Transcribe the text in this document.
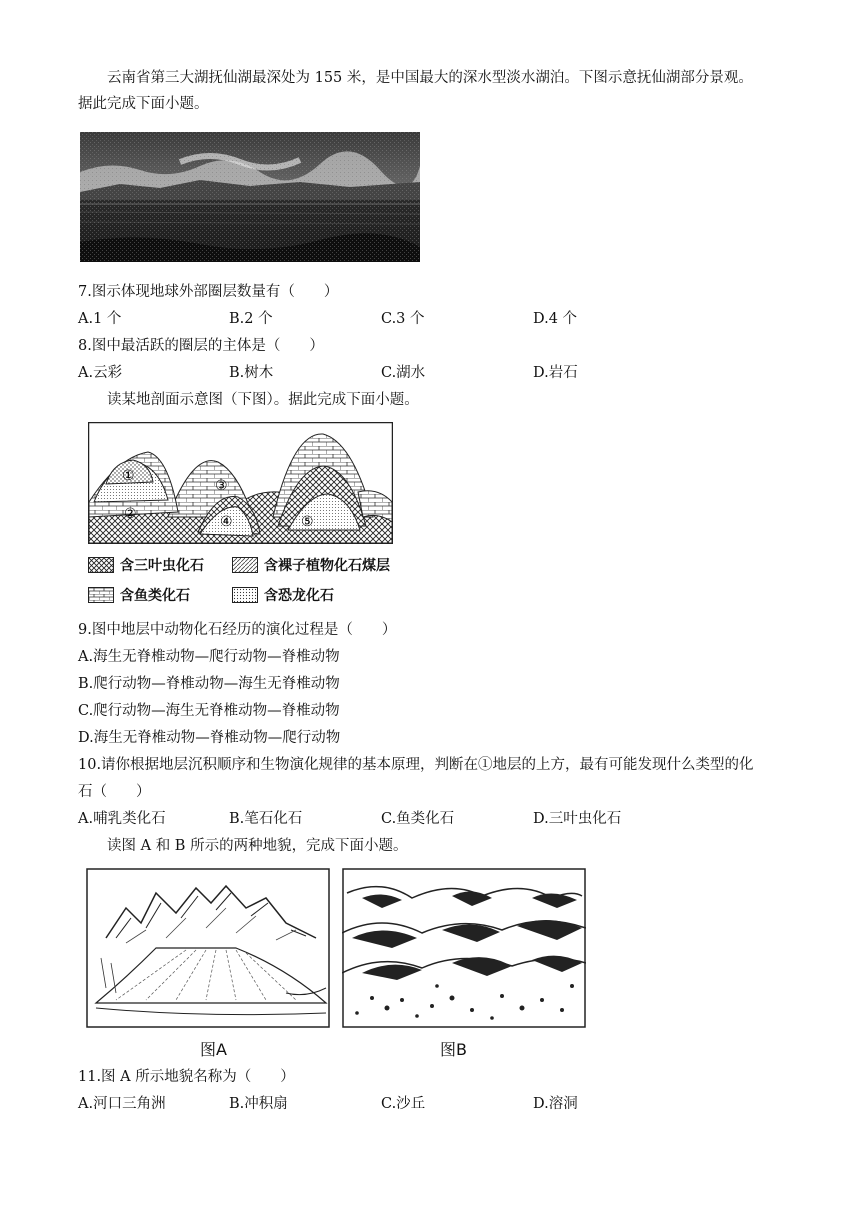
云南省第三大湖抚仙湖最深处为 155 米，是中国最大的深水型淡水湖泊。下图示意抚仙湖部分景观。
据此完成下面小题。
7.图示体现地球外部圈层数量有（　　）
A.1 个	B.2 个	C.3 个	D.4 个
8.图中最活跃的圈层的主体是（　　）
A.云彩	B.树木	C.湖水	D.岩石
读某地剖面示意图（下图）。据此完成下面小题。
①
②
③
④	⑤
含三叶虫化石	含裸子植物化石煤层
含鱼类化石	含恐龙化石
9.图中地层中动物化石经历的演化过程是（　　）
A.海生无脊椎动物—爬行动物—脊椎动物
B.爬行动物—脊椎动物—海生无脊椎动物
C.爬行动物—海生无脊椎动物—脊椎动物
D.海生无脊椎动物—脊椎动物—爬行动物
10.请你根据地层沉积顺序和生物演化规律的基本原理，判断在①地层的上方，最有可能发现什么类型的化
石（　　）
A.哺乳类化石	B.笔石化石	C.鱼类化石	D.三叶虫化石
读图 A 和 B 所示的两种地貌，完成下面小题。
图A	图B
11.图 A 所示地貌名称为（　　）
A.河口三角洲	B.冲积扇	C.沙丘	D.溶洞
